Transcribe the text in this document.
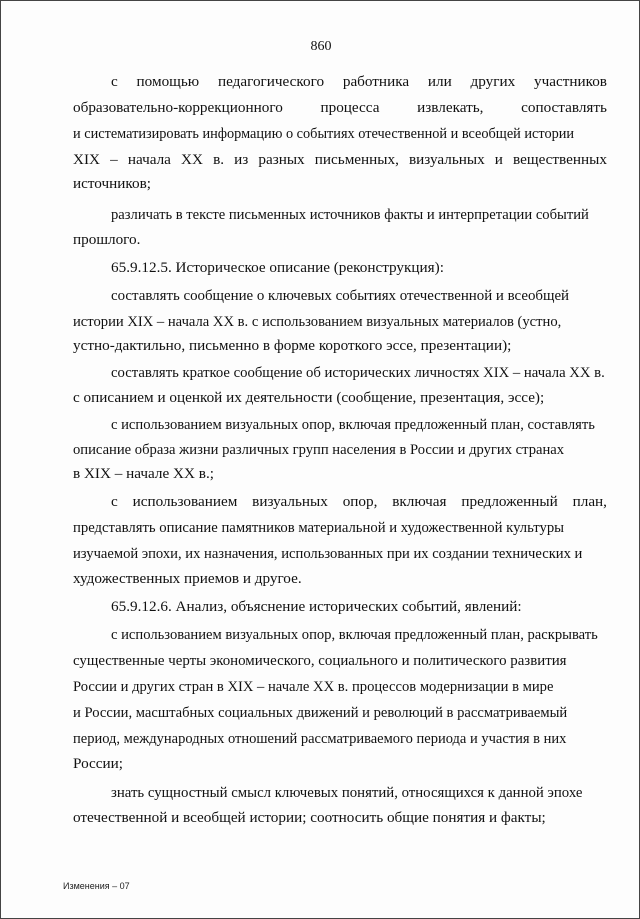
860
с помощью педагогического работника или других участников
образовательно-коррекционного процесса извлекать, сопоставлять
и систематизировать информацию о событиях отечественной и всеобщей истории
XIX – начала XX в. из разных письменных, визуальных и вещественных
источников;
различать в тексте письменных источников факты и интерпретации событий
прошлого.
65.9.12.5. Историческое описание (реконструкция):
составлять сообщение о ключевых событиях отечественной и всеобщей
истории XIX – начала XX в. с использованием визуальных материалов (устно,
устно-дактильно, письменно в форме короткого эссе, презентации);
составлять краткое сообщение об исторических личностях XIX – начала XX в.
с описанием и оценкой их деятельности (сообщение, презентация, эссе);
с использованием визуальных опор, включая предложенный план, составлять
описание образа жизни различных групп населения в России и других странах
в XIX – начале XX в.;
с использованием визуальных опор, включая предложенный план,
представлять описание памятников материальной и художественной культуры
изучаемой эпохи, их назначения, использованных при их создании технических и
художественных приемов и другое.
65.9.12.6. Анализ, объяснение исторических событий, явлений:
с использованием визуальных опор, включая предложенный план, раскрывать
существенные черты экономического, социального и политического развития
России и других стран в XIX – начале XX в. процессов модернизации в мире
и России, масштабных социальных движений и революций в рассматриваемый
период, международных отношений рассматриваемого периода и участия в них
России;
знать сущностный смысл ключевых понятий, относящихся к данной эпохе
отечественной и всеобщей истории; соотносить общие понятия и факты;
Изменения – 07
